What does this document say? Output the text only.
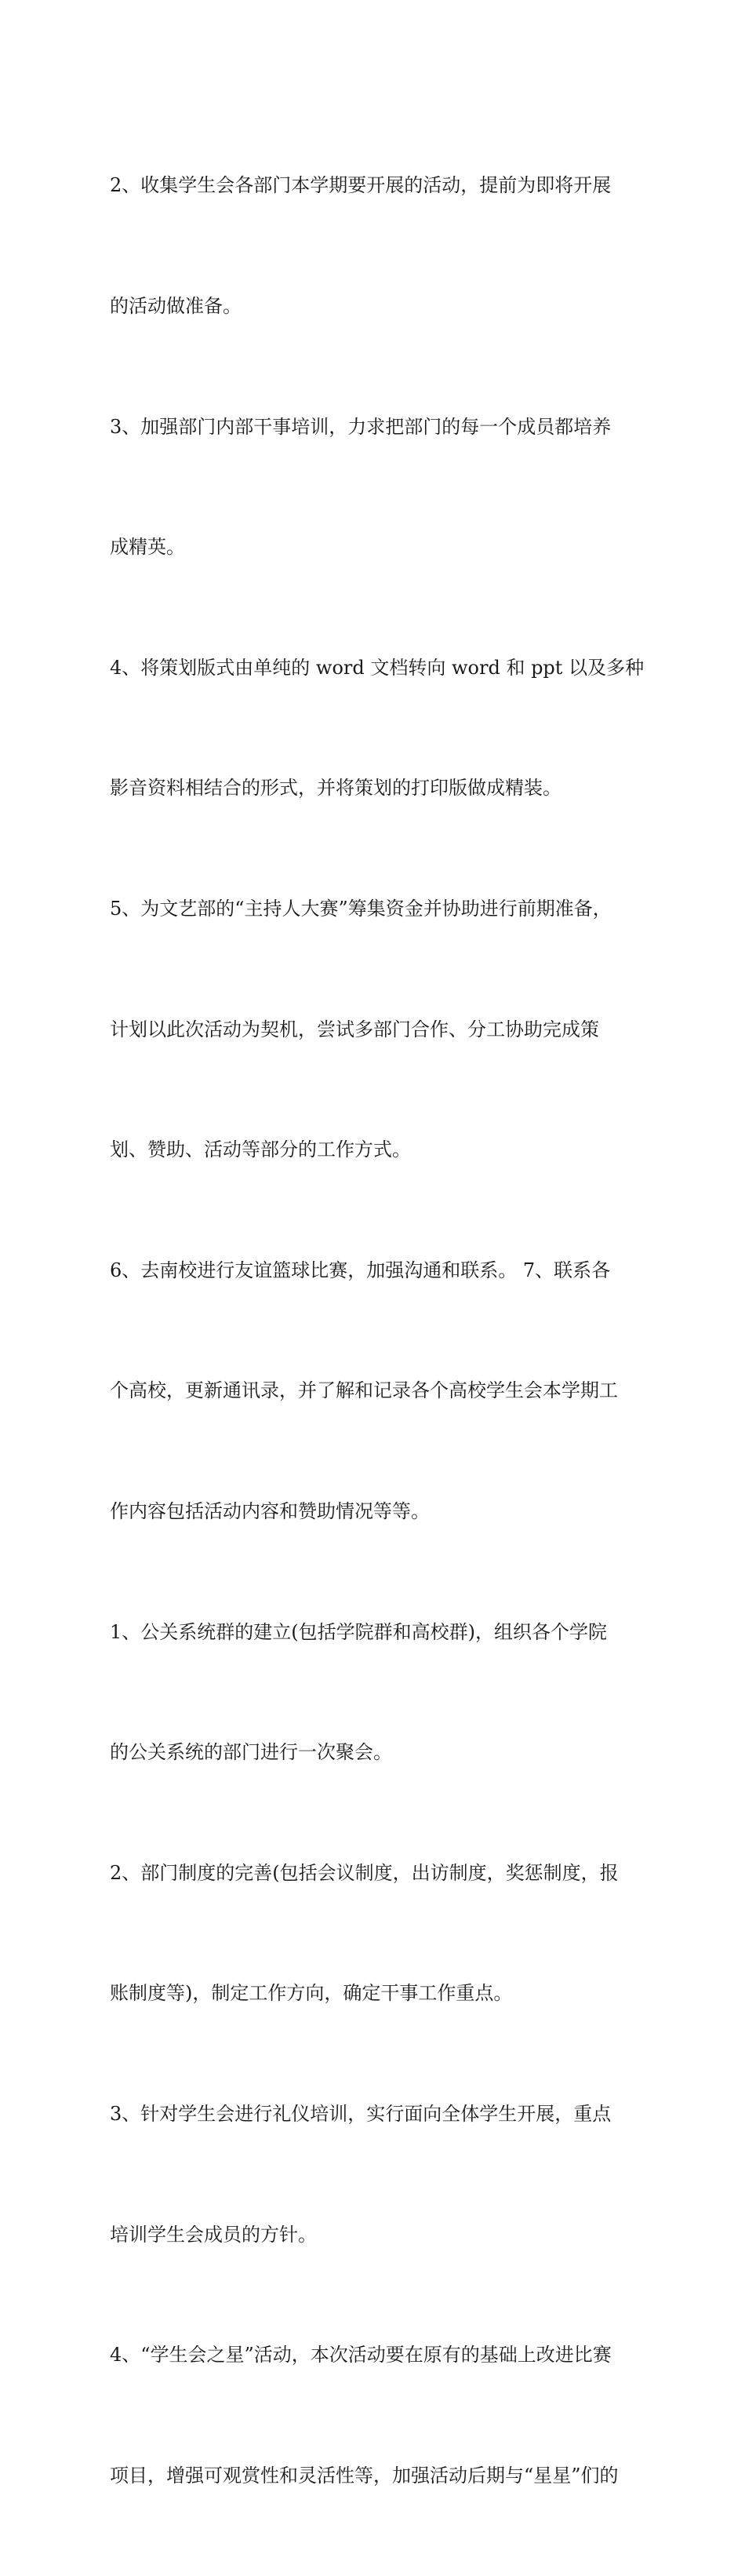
2、收集学生会各部门本学期要开展的活动，提前为即将开展

的活动做准备。

3、加强部门内部干事培训，力求把部门的每一个成员都培养

成精英。

4、将策划版式由单纯的 word 文档转向 word 和 ppt 以及多种

影音资料相结合的形式，并将策划的打印版做成精装。

5、为文艺部的“主持人大赛”筹集资金并协助进行前期准备，

计划以此次活动为契机，尝试多部门合作、分工协助完成策

划、赞助、活动等部分的工作方式。

6、去南校进行友谊篮球比赛，加强沟通和联系。 7、联系各

个高校，更新通讯录，并了解和记录各个高校学生会本学期工

作内容包括活动内容和赞助情况等等。

1、公关系统群的建立(包括学院群和高校群)，组织各个学院

的公关系统的部门进行一次聚会。

2、部门制度的完善(包括会议制度，出访制度，奖惩制度，报

账制度等)，制定工作方向，确定干事工作重点。

3、针对学生会进行礼仪培训，实行面向全体学生开展，重点

培训学生会成员的方针。

4、“学生会之星”活动，本次活动要在原有的基础上改进比赛

项目，增强可观赏性和灵活性等，加强活动后期与“星星”们的
